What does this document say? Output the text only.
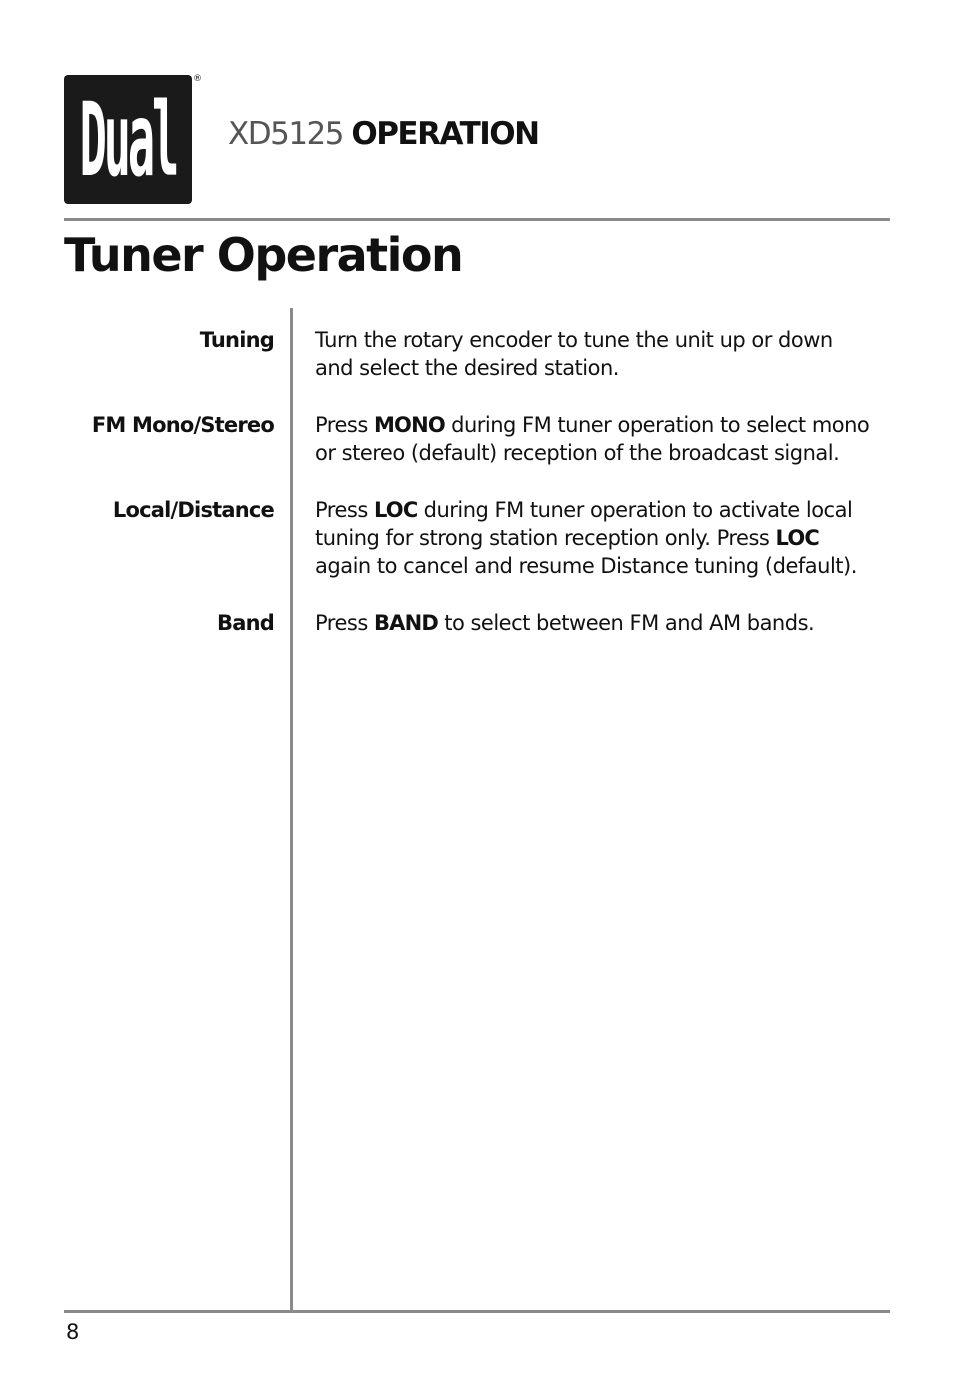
Dual
®
XD5125 OPERATION
Tuner Operation
Tuning Turn the rotary encoder to tune the unit up or down
and select the desired station.
FM Mono/Stereo Press MONO during FM tuner operation to select mono
or stereo (default) reception of the broadcast signal.
Local/Distance Press LOC during FM tuner operation to activate local
tuning for strong station reception only. Press LOC
again to cancel and resume Distance tuning (default).
Band Press BAND to select between FM and AM bands.
8
